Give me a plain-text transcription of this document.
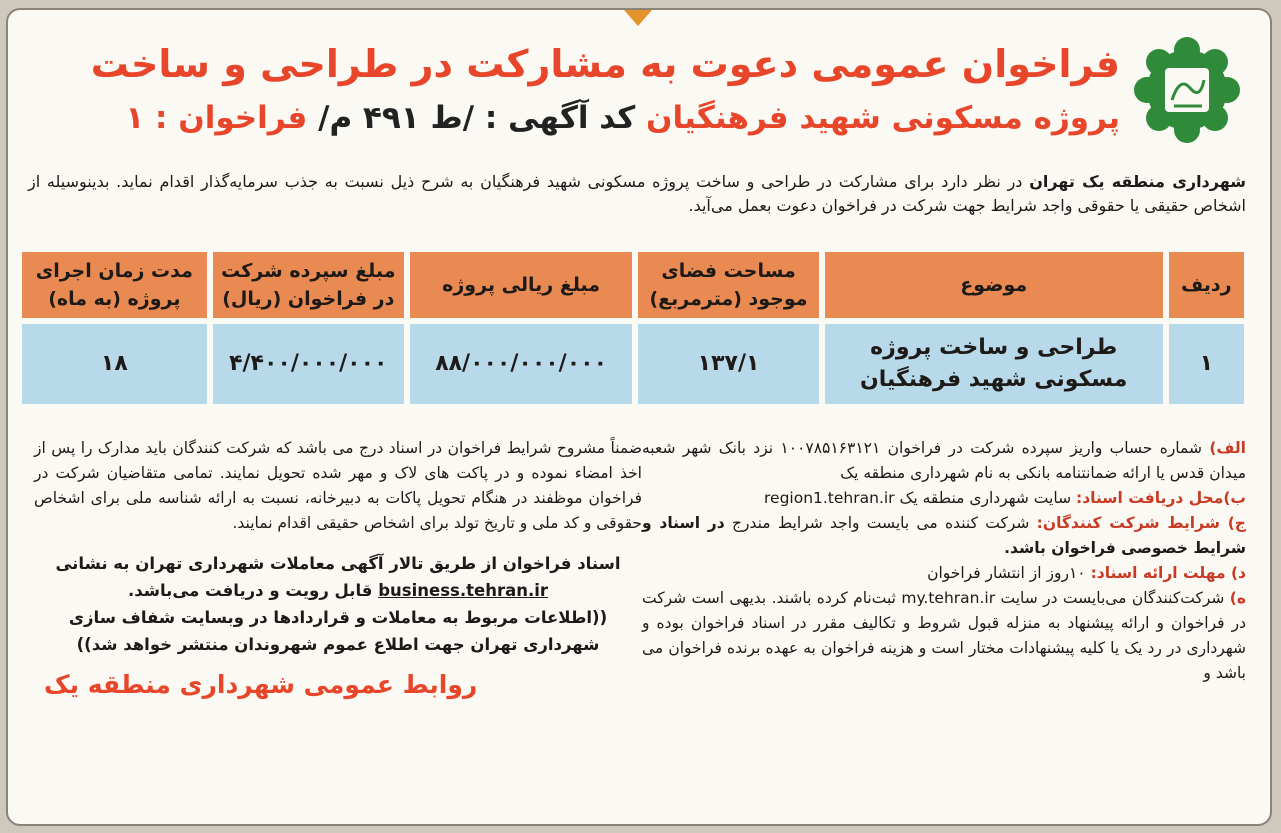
فراخوان عمومی دعوت به مشارکت در طراحی و ساخت
پروژه مسکونی شهید فرهنگیان کد آگهی : /ط ۴۹۱ م/ فراخوان : ۱
شهرداری منطقه یک تهران در نظر دارد برای مشارکت در طراحی و ساخت پروژه مسکونی شهید فرهنگیان به شرح ذیل نسبت به جذب سرمایه‌گذار اقدام نماید. بدینوسیله از اشخاص حقیقی یا حقوقی واجد شرایط جهت شرکت در فراخوان دعوت بعمل می‌آید.
ردیف	موضوع	مساحت فضای موجود (مترمربع)	مبلغ ریالی پروژه	مبلغ سپرده شرکت در فراخوان (ریال)	مدت زمان اجرای پروژه (به ماه)
۱	طراحی و ساخت پروژه مسکونی شهید فرهنگیان	۱۳۷/۱	۸۸/۰۰۰/۰۰۰/۰۰۰	۴/۴۰۰/۰۰۰/۰۰۰	۱۸

الف) شماره حساب واریز سپرده شرکت در فراخوان ۱۰۰۷۸۵۱۶۳۱۲۱ نزد بانک شهر شعبه میدان قدس یا ارائه ضمانتنامه بانکی به نام شهرداری منطقه یک

ب)محل دریافت اسناد: سایت شهرداری منطقه یک region1.tehran.ir

ج) شرایط شرکت کنندگان: شرکت کننده می بایست واجد شرایط مندرج در اسناد و شرایط خصوصی فراخوان باشد.

د) مهلت ارائه اسناد: ۱۰روز از انتشار فراخوان

ه) شرکت‌کنندگان می‌بایست در سایت my.tehran.ir ثبت‌نام کرده باشند. بدیهی است شرکت در فراخوان و ارائه پیشنهاد به منزله قبول شروط و تکالیف مقرر در اسناد فراخوان بوده و شهرداری در رد یک یا کلیه پیشنهادات مختار است و هزینه فراخوان به عهده برنده فراخوان می باشد و

ضمناً مشروح شرایط فراخوان در اسناد درج می باشد که شرکت کنندگان باید مدارک را پس از اخذ امضاء نموده و در پاکت های لاک و مهر شده تحویل نمایند. تمامی متقاضیان شرکت در فراخوان موظفند در هنگام تحویل پاکات به دبیرخانه، نسبت به ارائه شناسه ملی برای اشخاص حقوقی و کد ملی و تاریخ تولد برای اشخاص حقیقی اقدام نمایند.

اسناد فراخوان از طریق تالار آگهی معاملات شهرداری تهران به نشانی business.tehran.ir قابل رویت و دریافت می‌باشد.
((اطلاعات مربوط به معاملات و قراردادها در وبسایت شفاف سازی شهرداری تهران جهت اطلاع عموم شهروندان منتشر خواهد شد))
روابط عمومی شهرداری منطقه یک
